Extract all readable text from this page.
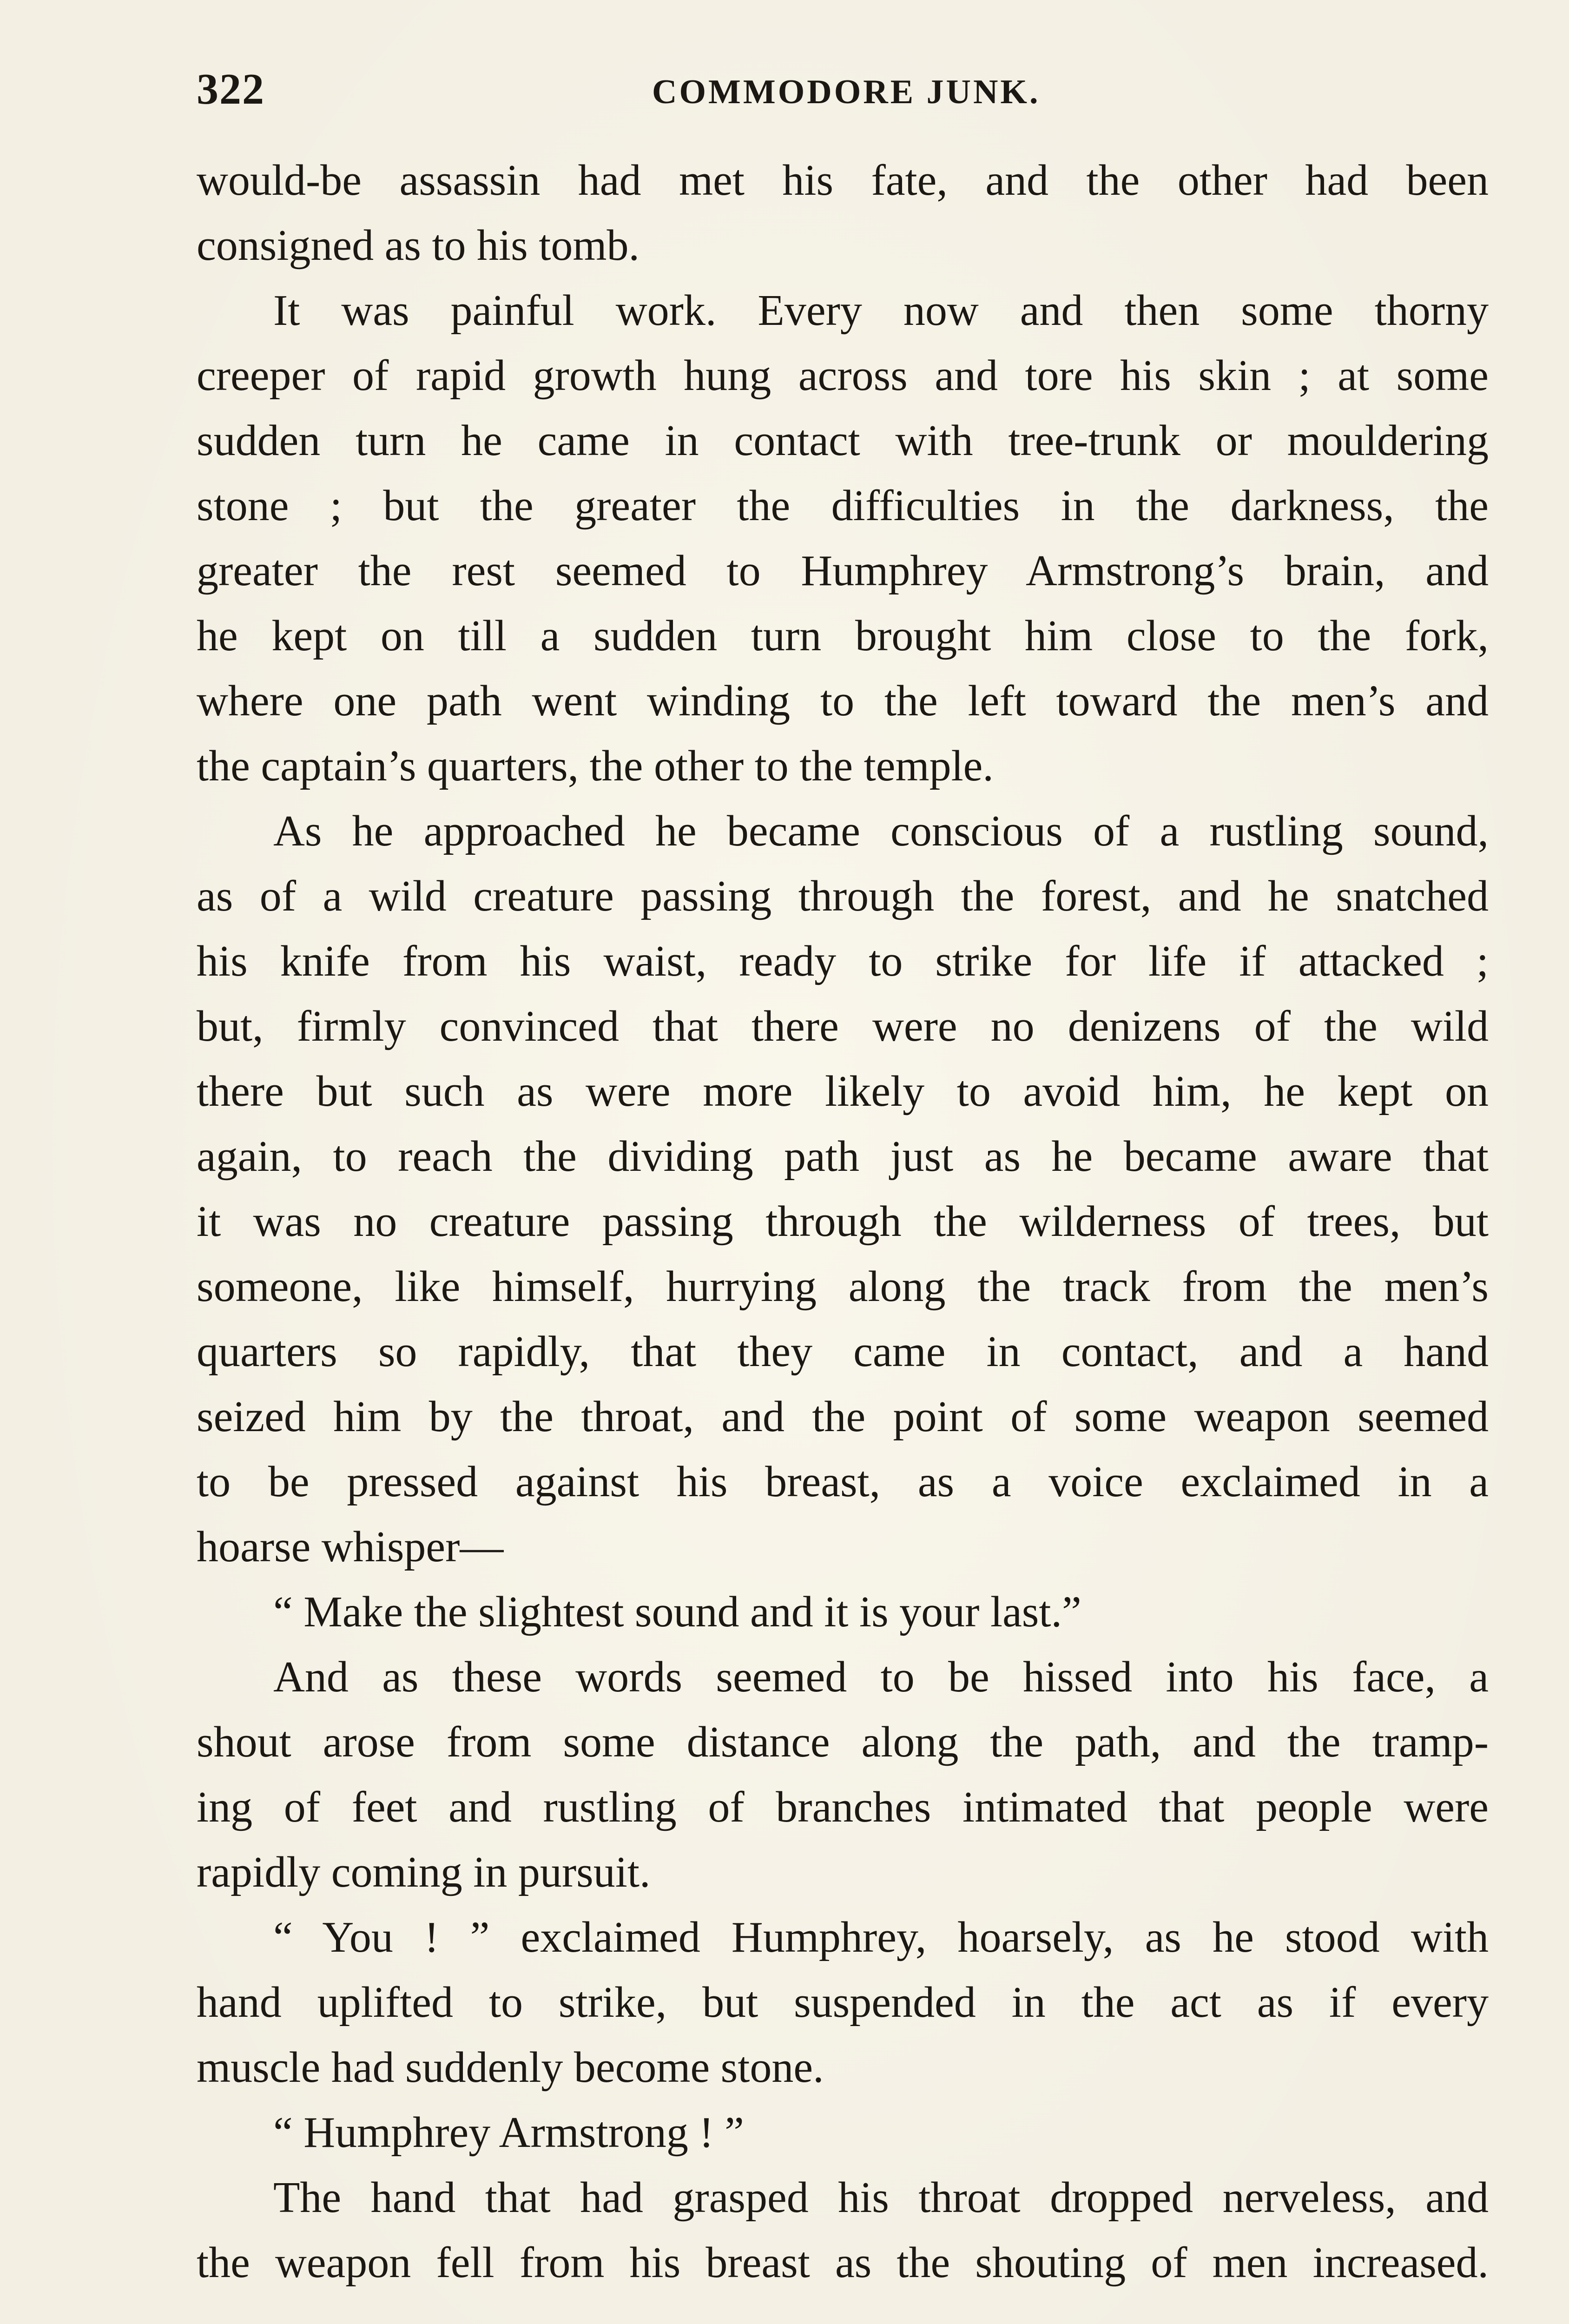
322	COMMODORE JUNK.
would-be assassin had met his fate, and the other had been
consigned as to his tomb.
It was painful work. Every now and then some thorny
creeper of rapid growth hung across and tore his skin ; at some
sudden turn he came in contact with tree-trunk or mouldering
stone ; but the greater the difficulties in the darkness, the
greater the rest seemed to Humphrey Armstrong’s brain, and
he kept on till a sudden turn brought him close to the fork,
where one path went winding to the left toward the men’s and
the captain’s quarters, the other to the temple.
As he approached he became conscious of a rustling sound,
as of a wild creature passing through the forest, and he snatched
his knife from his waist, ready to strike for life if attacked ;
but, firmly convinced that there were no denizens of the wild
there but such as were more likely to avoid him, he kept on
again, to reach the dividing path just as he became aware that
it was no creature passing through the wilderness of trees, but
someone, like himself, hurrying along the track from the men’s
quarters so rapidly, that they came in contact, and a hand
seized him by the throat, and the point of some weapon seemed
to be pressed against his breast, as a voice exclaimed in a
hoarse whisper—
“ Make the slightest sound and it is your last.”
And as these words seemed to be hissed into his face, a
shout arose from some distance along the path, and the tramp-
ing of feet and rustling of branches intimated that people were
rapidly coming in pursuit.
“ You ! ” exclaimed Humphrey, hoarsely, as he stood with
hand uplifted to strike, but suspended in the act as if every
muscle had suddenly become stone.
“ Humphrey Armstrong ! ”
The hand that had grasped his throat dropped nerveless, and
the weapon fell from his breast as the shouting of men increased.
